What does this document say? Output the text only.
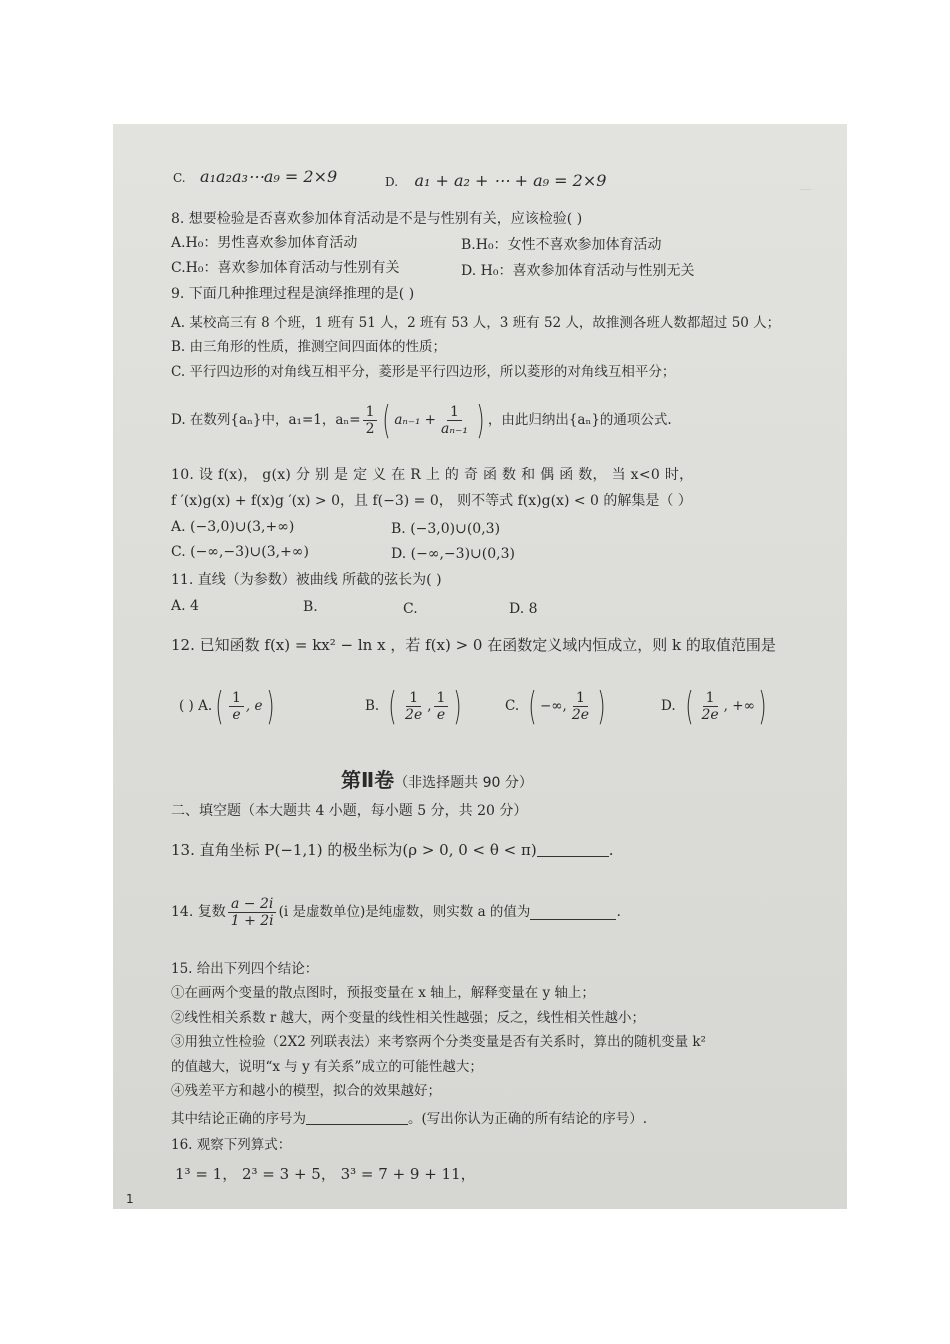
—
C. a₁a₂a₃⋯a₉ = 2×9	D. a₁ + a₂ + ⋯ + a₉ = 2×9
8. 想要检验是否喜欢参加体育活动是不是与性别有关，应该检验( )
A.H₀：男性喜欢参加体育活动	B.H₀：女性不喜欢参加体育活动
C.H₀：喜欢参加体育活动与性别有关	D. H₀：喜欢参加体育活动与性别无关
9. 下面几种推理过程是演绎推理的是( )
A. 某校高三有 8 个班，1 班有 51 人，2 班有 53 人，3 班有 52 人，故推测各班人数都超过 50 人；
B. 由三角形的性质，推测空间四面体的性质；
C. 平行四边形的对角线互相平分，菱形是平行四边形，所以菱形的对角线互相平分；
D. 在数列{aₙ}中，a₁=1，$a_n= \frac{1}{2}$ ( $a_{n-1} + \frac{1}{\text{aₙ₋₁}}$ ) ，由此归纳出{aₙ}的通项公式.
10. 设 f(x)， g(x) 分 别 是 定 义 在 R 上 的 奇 函 数 和 偶 函 数， 当 x<0 时，
f ′(x)g(x) + f(x)g ′(x) > 0，且 f(−3) = 0， 则不等式 f(x)g(x) < 0 的解集是（ ）
A. (−3,0)∪(3,+∞)	B. (−3,0)∪(0,3)
C. (−∞,−3)∪(3,+∞)	D. (−∞,−3)∪(0,3)
11. 直线（为参数）被曲线 所截的弦长为( )
A. 4	B.	C.	D. 8
12. 已知函数 f(x) = kx² − ln x ，若 f(x) > 0 在函数定义域内恒成立，则 k 的取值范围是
( ) A. ( $\frac{1}{e}$ , e )	B. ( $\frac{1}{2e}$ , $\frac{1}{e}$ )	C. ( −∞, $\frac{1}{2e}$ )	D. ( $\frac{1}{2e}$ , +∞ )
第Ⅱ卷（非选择题共 90 分）
二、填空题（本大题共 4 小题，每小题 5 分，共 20 分）
13. 直角坐标 P(−1,1) 的极坐标为(ρ > 0, 0 < θ < π)	.
14. 复数 $\frac{a - 2i}{1 + 2i} (i$ 是虚数单位)是纯虚数，则实数 a 的值为	.
15. 给出下列四个结论：
①在画两个变量的散点图时，预报变量在 x 轴上，解释变量在 y 轴上；
②线性相关系数 r 越大，两个变量的线性相关性越强；反之，线性相关性越小；
③用独立性检验（2X2 列联表法）来考察两个分类变量是否有关系时，算出的随机变量 k²
的值越大，说明“x 与 y 有关系”成立的可能性越大；
④残差平方和越小的模型，拟合的效果越好；
其中结论正确的序号为	。(写出你认为正确的所有结论的序号）.
16. 观察下列算式：
1³ = 1， 2³ = 3 + 5， 3³ = 7 + 9 + 11，
1
